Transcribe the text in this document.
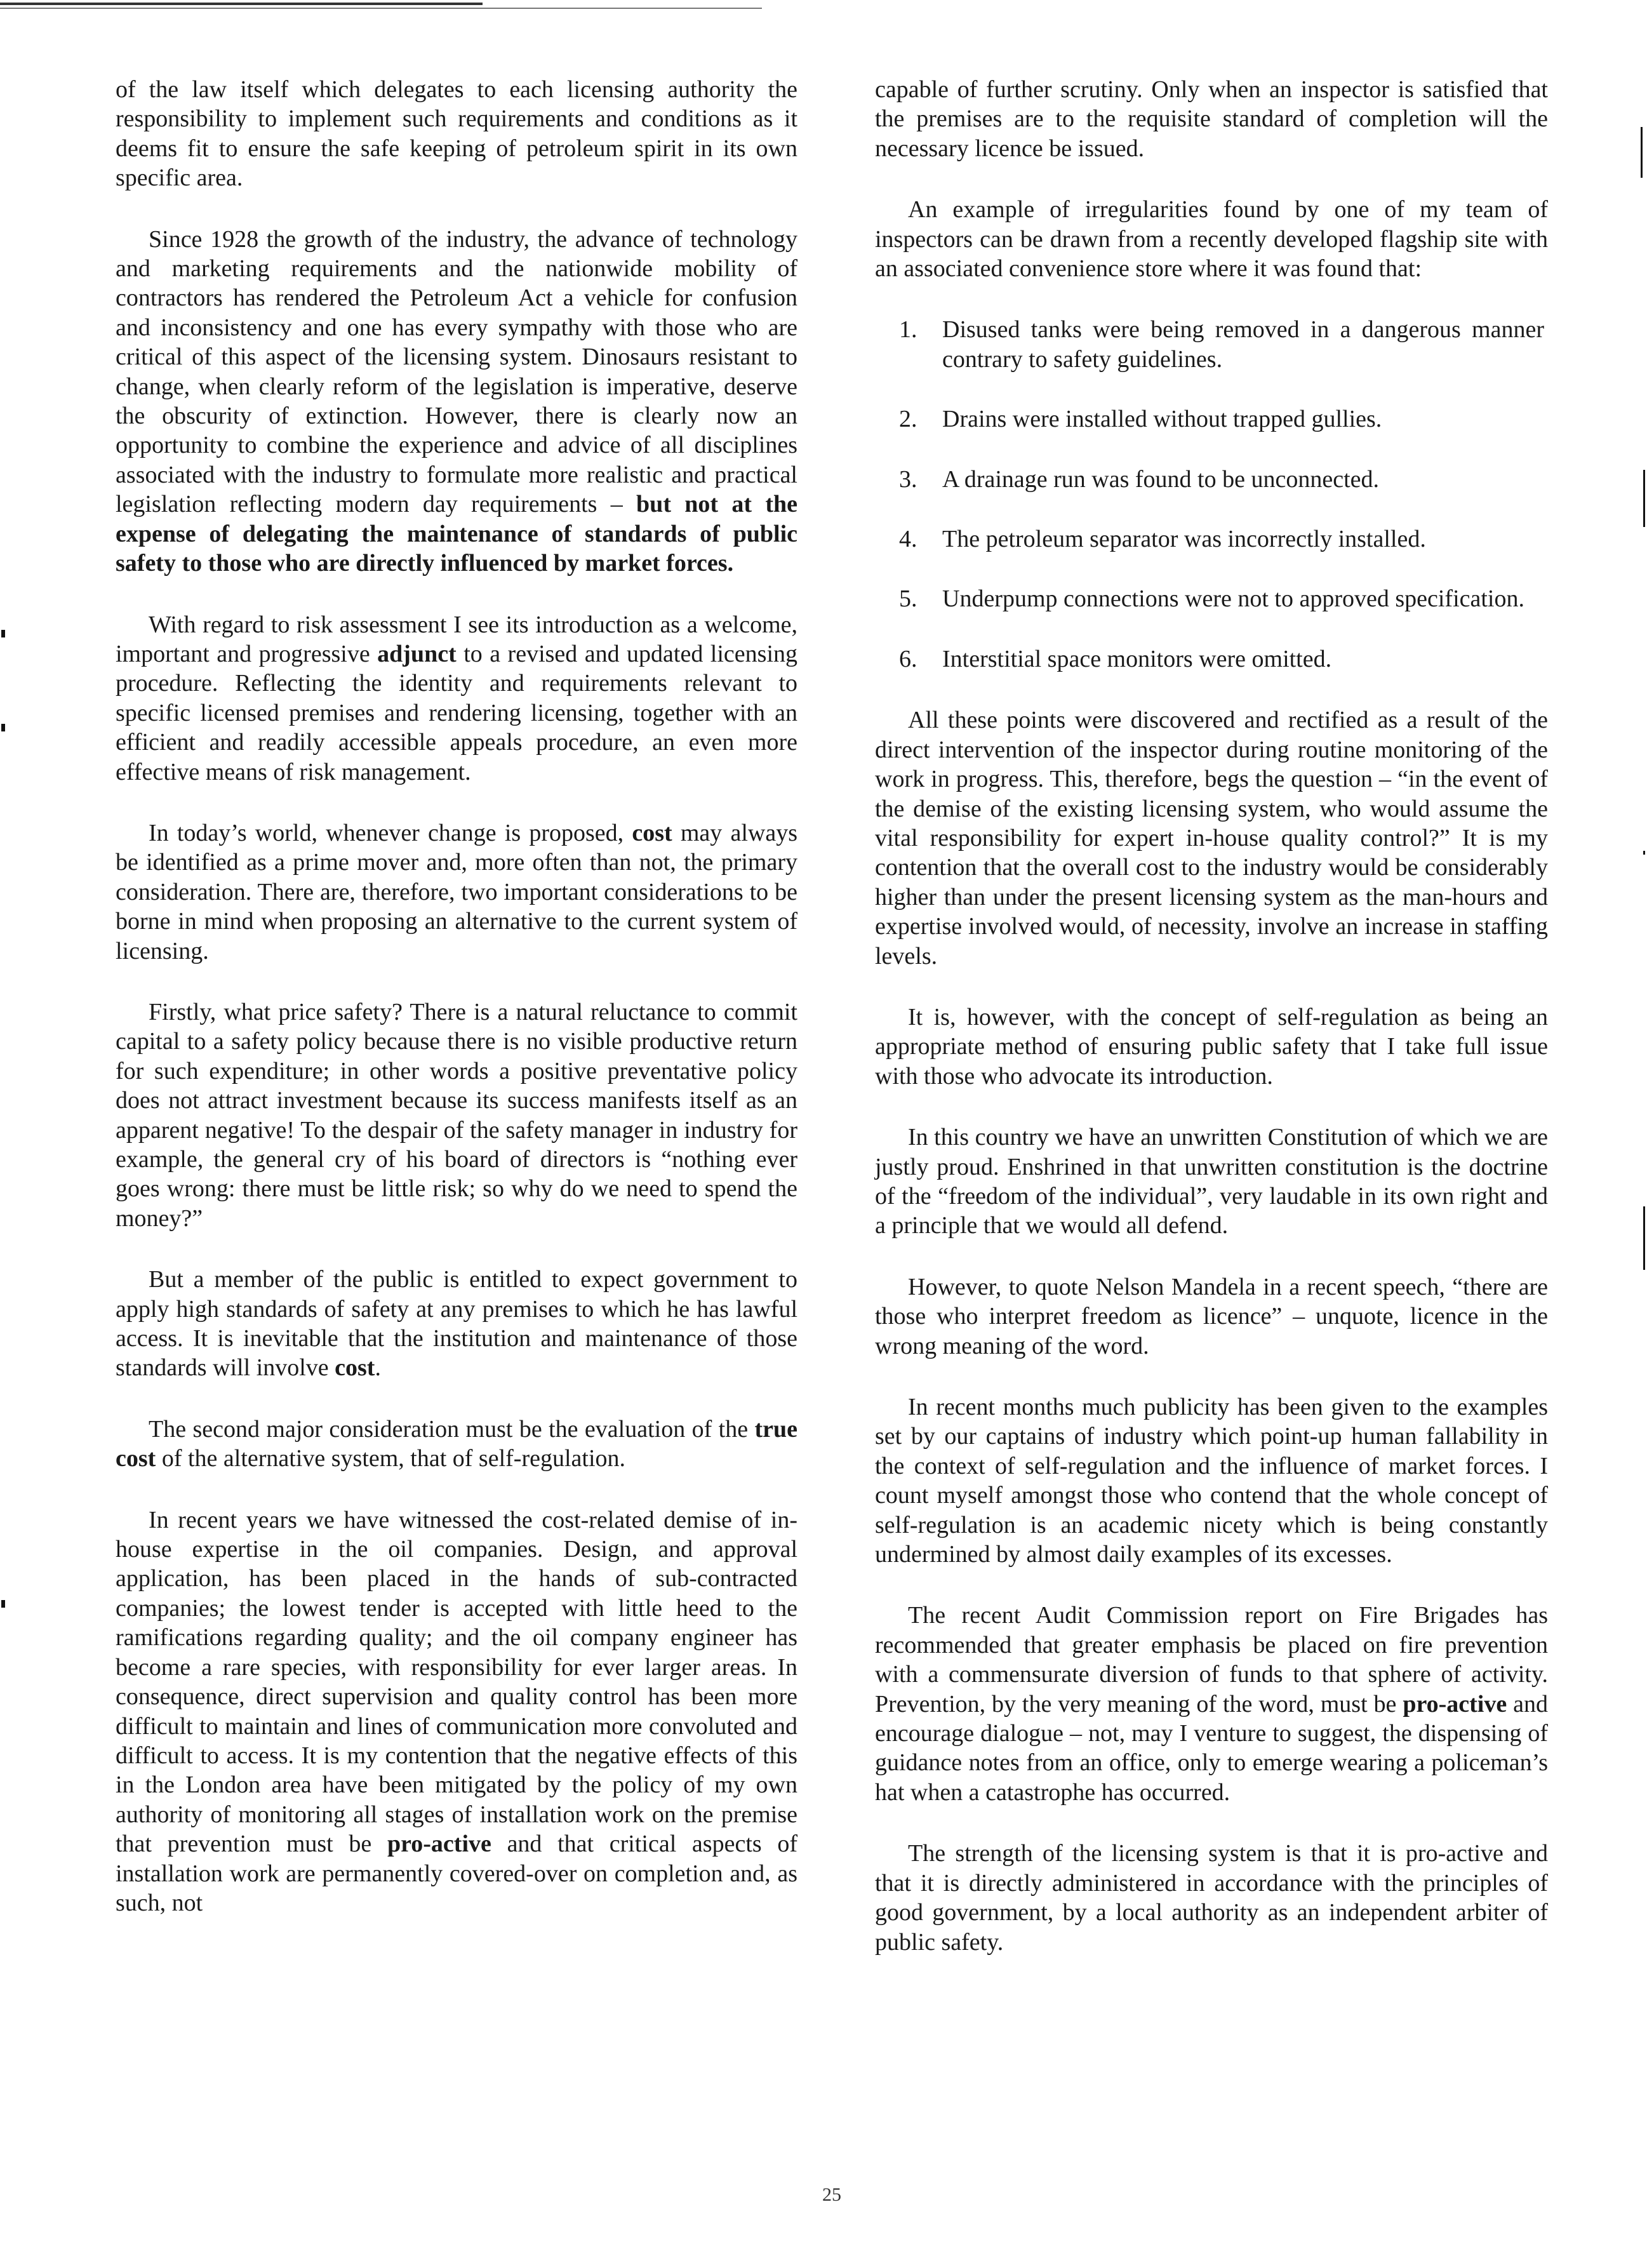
of the law itself which delegates to each licensing authority the responsibility to implement such requirements and conditions as it deems fit to ensure the safe keeping of petroleum spirit in its own specific area.

Since 1928 the growth of the industry, the advance of technology and marketing requirements and the nationwide mobility of contractors has rendered the Petroleum Act a vehicle for confusion and inconsistency and one has every sympathy with those who are critical of this aspect of the licensing system. Dinosaurs resistant to change, when clearly reform of the legislation is imperative, deserve the obscurity of extinction. However, there is clearly now an opportunity to combine the experience and advice of all disciplines associated with the industry to formulate more realistic and practical legislation reflecting modern day requirements – but not at the expense of delegating the maintenance of standards of public safety to those who are directly influenced by market forces.

With regard to risk assessment I see its introduction as a welcome, important and progressive adjunct to a revised and updated licensing procedure. Reflecting the identity and requirements relevant to specific licensed premises and rendering licensing, together with an efficient and readily accessible appeals procedure, an even more effective means of risk management.

In today’s world, whenever change is proposed, cost may always be identified as a prime mover and, more often than not, the primary consideration. There are, therefore, two important considerations to be borne in mind when proposing an alternative to the current system of licensing.

Firstly, what price safety? There is a natural reluctance to commit capital to a safety policy because there is no visible productive return for such expenditure; in other words a positive preventative policy does not attract investment because its success manifests itself as an apparent negative! To the despair of the safety manager in industry for example, the general cry of his board of directors is “nothing ever goes wrong: there must be little risk; so why do we need to spend the money?”

But a member of the public is entitled to expect government to apply high standards of safety at any premises to which he has lawful access. It is inevitable that the institution and maintenance of those standards will involve cost.

The second major consideration must be the evaluation of the true cost of the alternative system, that of self-regulation.

In recent years we have witnessed the cost-related demise of in-house expertise in the oil companies. Design, and approval application, has been placed in the hands of sub-contracted companies; the lowest tender is accepted with little heed to the ramifications regarding quality; and the oil company engineer has become a rare species, with responsibility for ever larger areas. In consequence, direct supervision and quality control has been more difficult to maintain and lines of communication more convoluted and difficult to access. It is my contention that the negative effects of this in the London area have been mitigated by the policy of my own authority of monitoring all stages of installation work on the premise that prevention must be pro-active and that critical aspects of installation work are permanently covered-over on completion and, as such, not

capable of further scrutiny. Only when an inspector is satisfied that the premises are to the requisite standard of completion will the necessary licence be issued.

An example of irregularities found by one of my team of inspectors can be drawn from a recently developed flagship site with an associated convenience store where it was found that:

1. Disused tanks were being removed in a dangerous manner contrary to safety guidelines.
2. Drains were installed without trapped gullies.
3. A drainage run was found to be unconnected.
4. The petroleum separator was incorrectly installed.
5. Underpump connections were not to approved specification.
6. Interstitial space monitors were omitted.

All these points were discovered and rectified as a result of the direct intervention of the inspector during routine monitoring of the work in progress. This, therefore, begs the question – “in the event of the demise of the existing licensing system, who would assume the vital responsibility for expert in-house quality control?” It is my contention that the overall cost to the industry would be considerably higher than under the present licensing system as the man-hours and expertise involved would, of necessity, involve an increase in staffing levels.

It is, however, with the concept of self-regulation as being an appropriate method of ensuring public safety that I take full issue with those who advocate its introduction.

In this country we have an unwritten Constitution of which we are justly proud. Enshrined in that unwritten constitution is the doctrine of the “freedom of the individual”, very laudable in its own right and a principle that we would all defend.

However, to quote Nelson Mandela in a recent speech, “there are those who interpret freedom as licence” – unquote, licence in the wrong meaning of the word.

In recent months much publicity has been given to the examples set by our captains of industry which point-up human fallability in the context of self-regulation and the influence of market forces. I count myself amongst those who contend that the whole concept of self-regulation is an academic nicety which is being constantly undermined by almost daily examples of its excesses.

The recent Audit Commission report on Fire Brigades has recommended that greater emphasis be placed on fire prevention with a commensurate diversion of funds to that sphere of activity. Prevention, by the very meaning of the word, must be pro-active and encourage dialogue – not, may I venture to suggest, the dispensing of guidance notes from an office, only to emerge wearing a policeman’s hat when a catastrophe has occurred.

The strength of the licensing system is that it is pro-active and that it is directly administered in accordance with the principles of good government, by a local authority as an independent arbiter of public safety.

25
